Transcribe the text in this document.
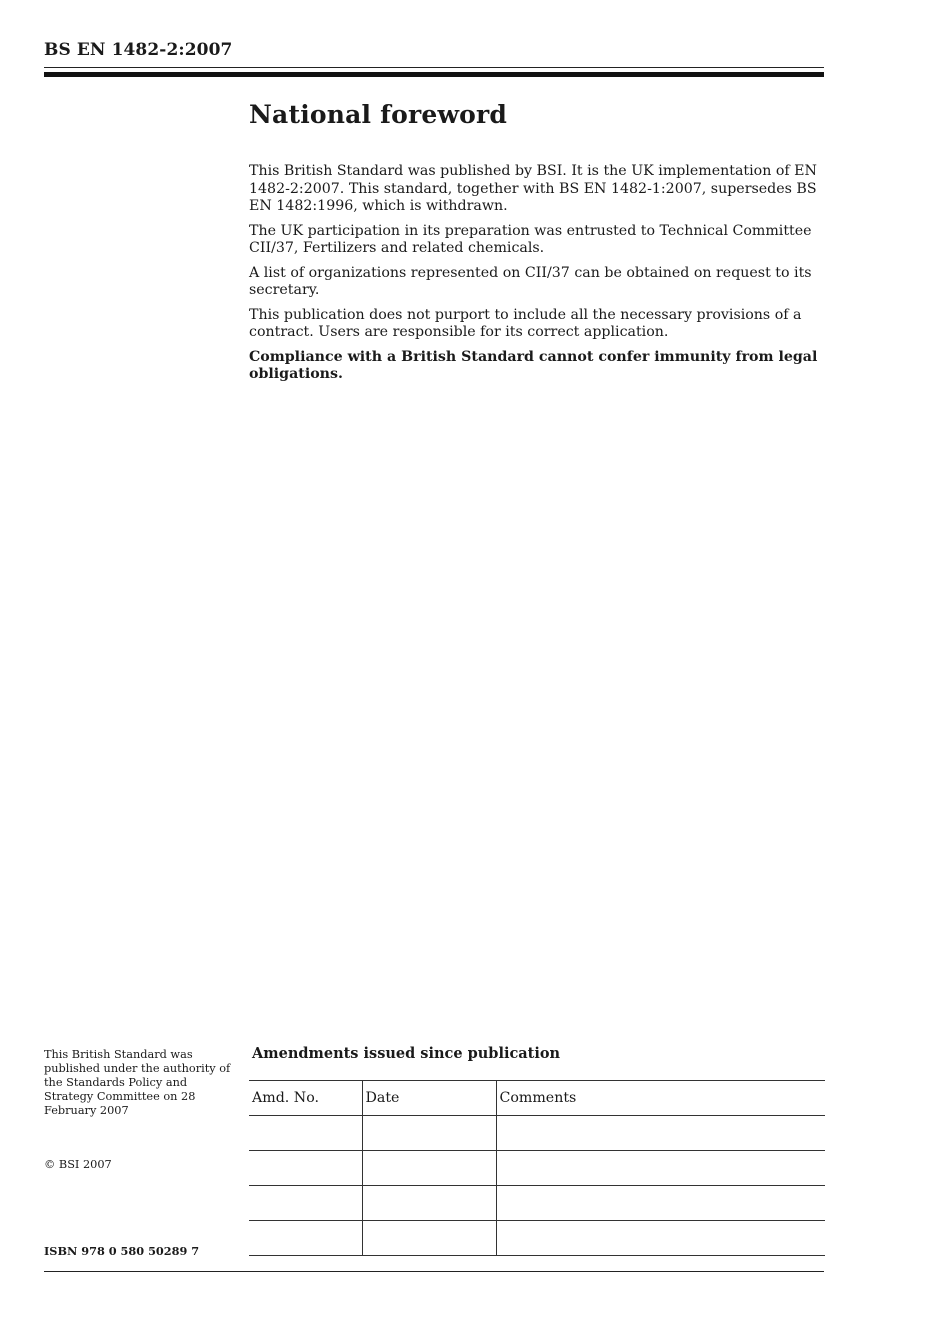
BS EN 1482-2:2007
National foreword

This British Standard was published by BSI. It is the UK implementation of EN 1482-2:2007. This standard, together with BS EN 1482-1:2007, supersedes BS EN 1482:1996, which is withdrawn.

The UK participation in its preparation was entrusted to Technical Committee CII/37, Fertilizers and related chemicals.

A list of organizations represented on CII/37 can be obtained on request to its secretary.

This publication does not purport to include all the necessary provisions of a contract. Users are responsible for its correct application.

Compliance with a British Standard cannot confer immunity from legal obligations.

This British Standard was published under the authority of the Standards Policy and Strategy Committee on 28 February 2007
© BSI 2007
ISBN 978 0 580 50289 7
Amendments issued since publication
Amd. No.	Date	Comments
